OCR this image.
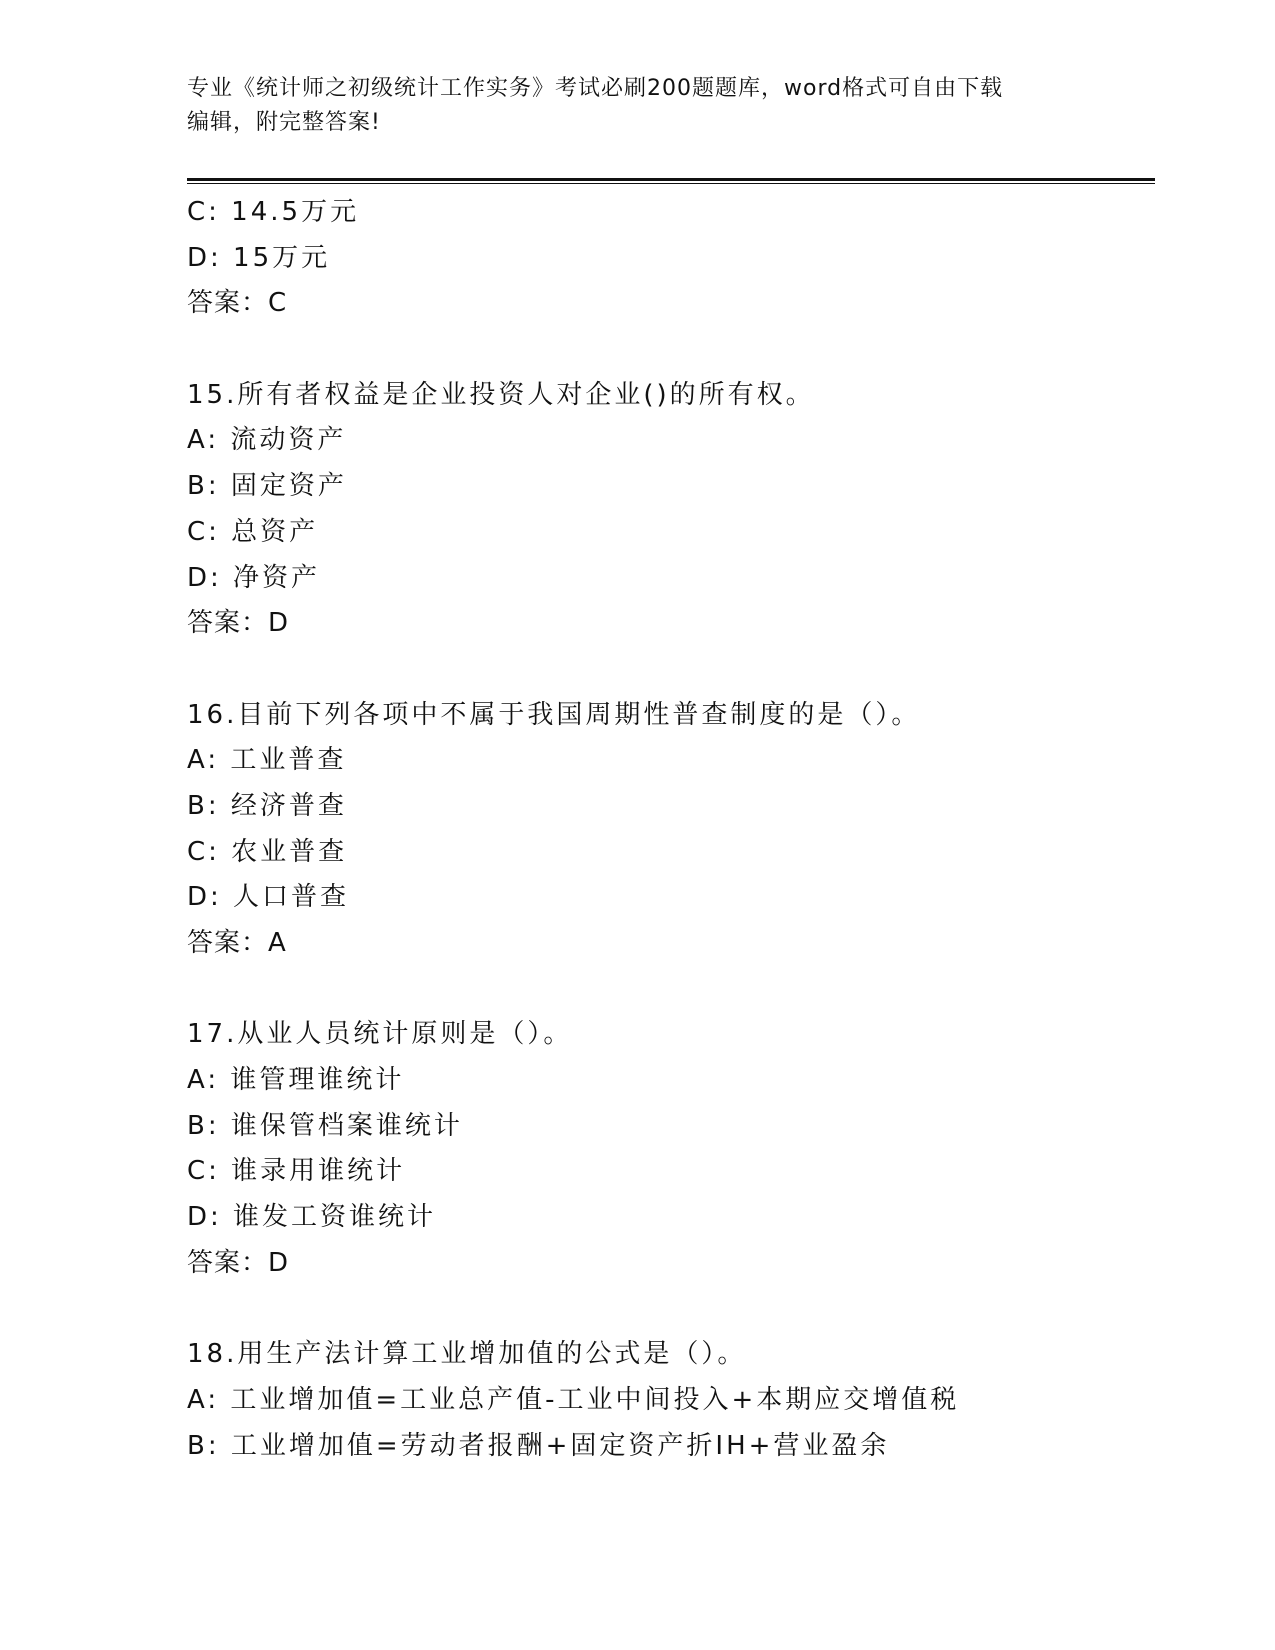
专业《统计师之初级统计工作实务》考试必刷200题题库，word格式可自由下载
编辑，附完整答案!
C: 14.5万元
D: 15万元
答案：C
15.所有者权益是企业投资人对企业()的所有权。
A: 流动资产
B: 固定资产
C: 总资产
D: 净资产
答案：D
16.目前下列各项中不属于我国周期性普查制度的是（）。
A: 工业普查
B: 经济普查
C: 农业普查
D: 人口普查
答案：A
17.从业人员统计原则是（）。
A: 谁管理谁统计
B: 谁保管档案谁统计
C: 谁录用谁统计
D: 谁发工资谁统计
答案：D
18.用生产法计算工业增加值的公式是（）。
A: 工业增加值=工业总产值-工业中间投入+本期应交增值税
B: 工业增加值=劳动者报酬+固定资产折IH+营业盈余
